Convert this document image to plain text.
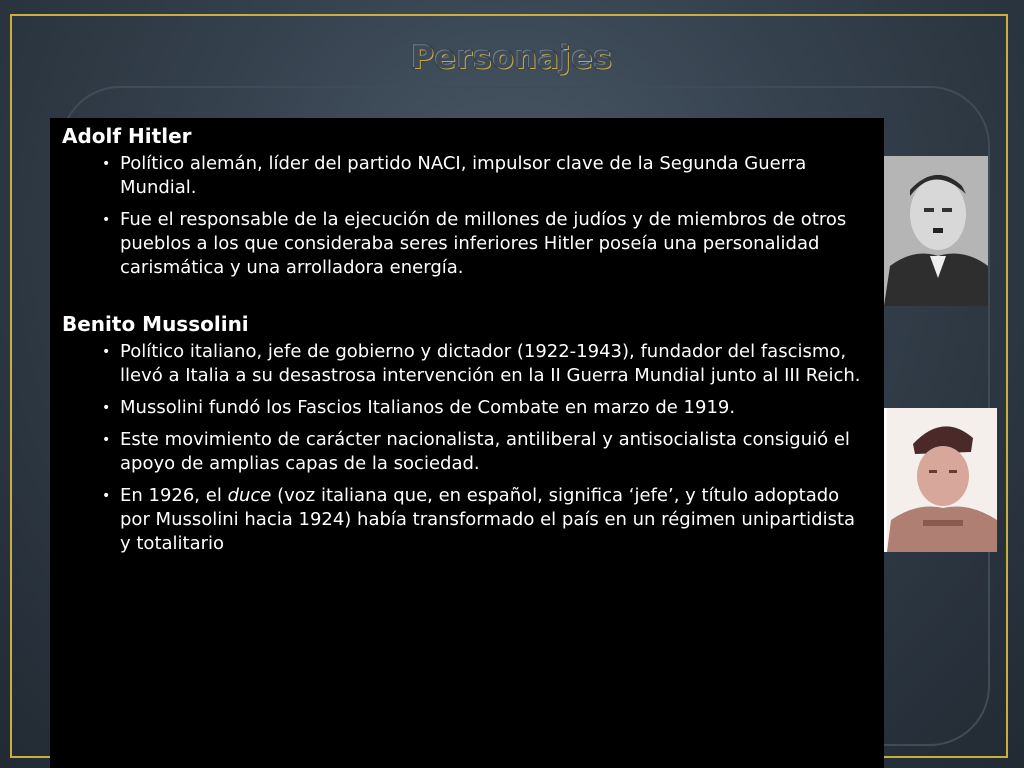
Personajes
Adolf Hitler
• Político alemán, líder del partido NACI, impulsor clave de la Segunda Guerra Mundial.
• Fue el responsable de la ejecución de millones de judíos y de miembros de otros pueblos a los que consideraba seres inferiores Hitler poseía una personalidad carismática y una arrolladora energía.
Benito Mussolini
• Político italiano, jefe de gobierno y dictador (1922-1943), fundador del fascismo, llevó a Italia a su desastrosa intervención en la II Guerra Mundial junto al III Reich.
• Mussolini fundó los Fascios Italianos de Combate en marzo de 1919.
• Este movimiento de carácter nacionalista, antiliberal y antisocialista consiguió el apoyo de amplias capas de la sociedad.
• En 1926, el duce (voz italiana que, en español, significa ‘jefe’, y título adoptado por Mussolini hacia 1924) había transformado el país en un régimen unipartidista y totalitario
